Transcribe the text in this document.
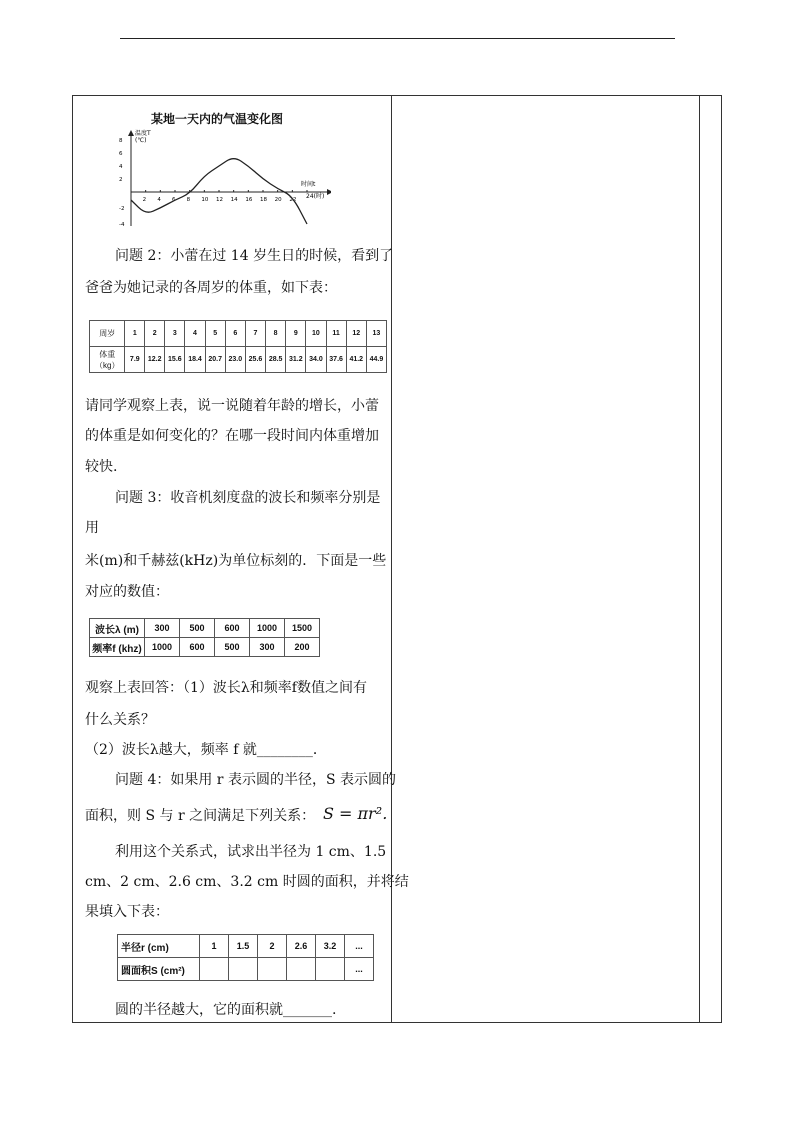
某地一天内的气温变化图
温度T
(℃)
时间t
24(时)
2 4 6 8 10 12 14 16 18 20 22
8
6
4
2
-2
-4
问题 2：小蕾在过 14 岁生日的时候，看到了
爸爸为她记录的各周岁的体重，如下表：
周岁	1	2	3	4	5	6	7	8	9	10	11	12	13
体重（kg）	7.9	12.2	15.6	18.4	20.7	23.0	25.6	28.5	31.2	34.0	37.6	41.2	44.9
请同学观察上表，说一说随着年龄的增长，小蕾
的体重是如何变化的？在哪一段时间内体重增加
较快.
问题 3：收音机刻度盘的波长和频率分别是
用
米(m)和千赫兹(kHz)为单位标刻的．下面是一些
对应的数值：
波长λ (m)	300	500	600	1000	1500
频率f (khz)	1000	600	500	300	200
观察上表回答：（1）波长λ和频率f数值之间有
什么关系？
（2）波长λ越大，频率 f 就________．
问题 4：如果用 r 表示圆的半径，S 表示圆的
面积，则 S 与 r 之间满足下列关系： S = πr²．
利用这个关系式，试求出半径为 1 cm、1.5
cm、2 cm、2.6 cm、3.2 cm 时圆的面积，并将结
果填入下表：
半径r (cm)	1	1.5	2	2.6	3.2	...
圆面积S (cm²)						...
圆的半径越大，它的面积就_______.
